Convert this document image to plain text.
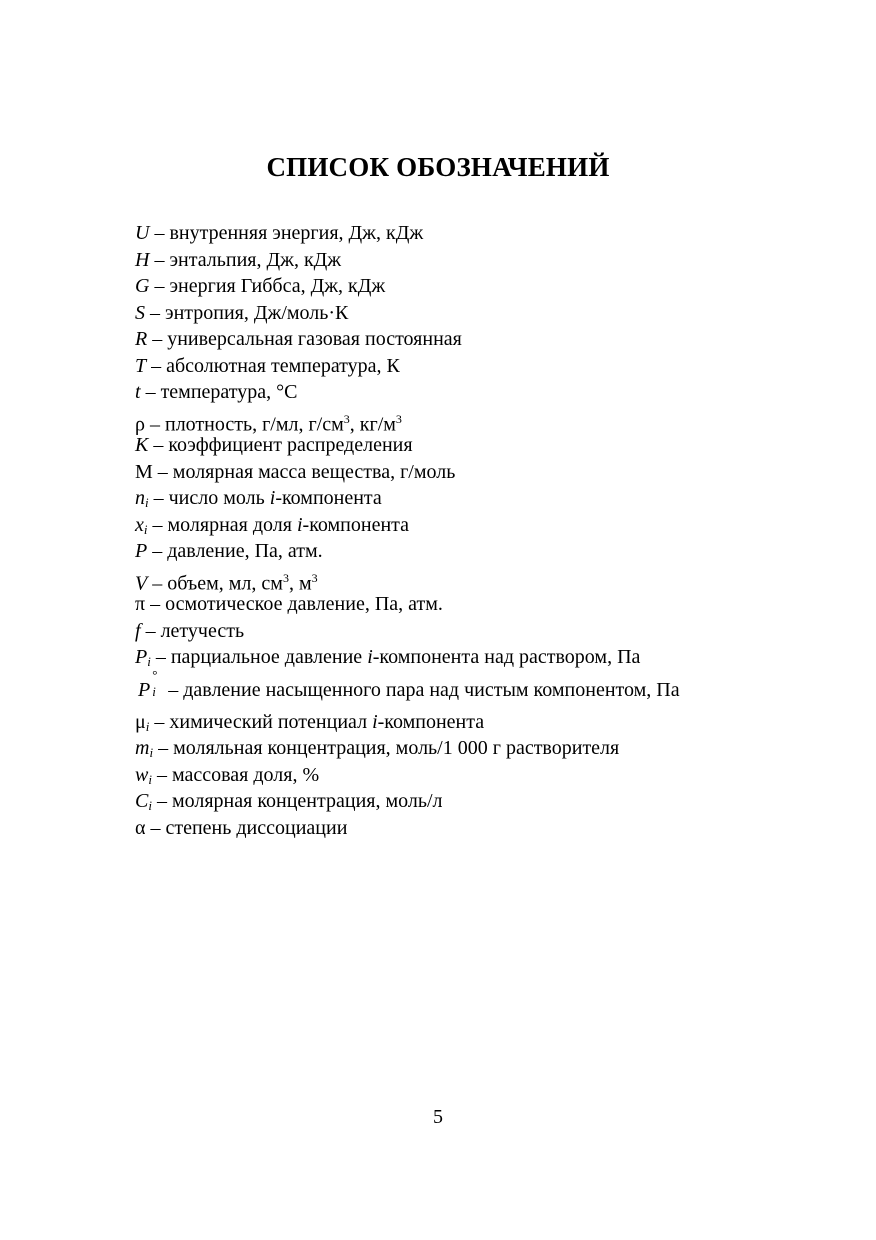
СПИСОК ОБОЗНАЧЕНИЙ
U – внутренняя энергия, Дж, кДж
H – энтальпия, Дж, кДж
G – энергия Гиббса, Дж, кДж
S – энтропия, Дж/моль·К
R – универсальная газовая постоянная
T – абсолютная температура, К
t – температура, °С
ρ – плотность, г/мл, $г/см^3$, $кг/м^3$
K – коэффициент распределения
М – молярная масса вещества, г/моль
$n_i$ – число моль i-компонента
$x_i$ – молярная доля i-компонента
P – давление, Па, атм.
V – объем, мл, $см^3$, $м^3$
π – осмотическое давление, Па, атм.
f – летучесть
$P_i$ – парциальное давление i-компонента над раствором, Па
P
°
i – давление насыщенного пара над чистым компонентом, Па
$\mu_i$ – химический потенциал i-компонента
$m_i$ – моляльная концентрация, моль/1 000 г растворителя
$w_i$ – массовая доля, %
$C_i$ – молярная концентрация, моль/л
α – степень диссоциации
5
